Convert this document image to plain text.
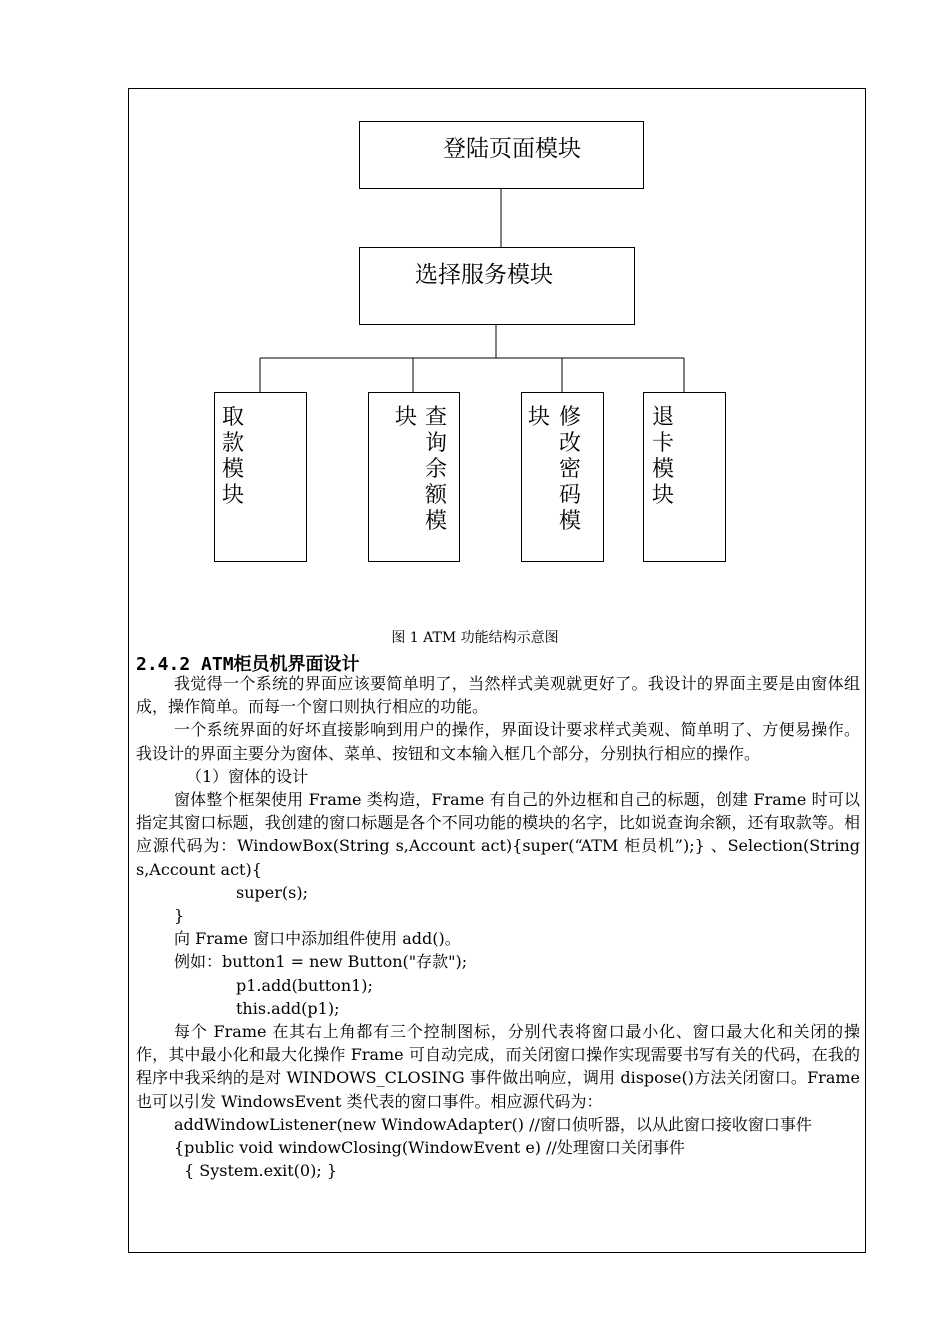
登陆页面模块
选择服务模块
取
款
模
块
块 查
询
余
额
模
块 修
改
密
码
模
退
卡
模
块
图 1 ATM 功能结构示意图
2.4.2 ATM柜员机界面设计

我觉得一个系统的界面应该要简单明了，当然样式美观就更好了。我设计的界面主要是由窗体组成，操作简单。而每一个窗口则执行相应的功能。

一个系统界面的好坏直接影响到用户的操作，界面设计要求样式美观、简单明了、方便易操作。我设计的界面主要分为窗体、菜单、按钮和文本输入框几个部分，分别执行相应的操作。

（1）窗体的设计

窗体整个框架使用 Frame 类构造，Frame 有自己的外边框和自己的标题，创建 Frame 时可以指定其窗口标题，我创建的窗口标题是各个不同功能的模块的名字，比如说查询余额，还有取款等。相应源代码为：WindowBox(String s,Account act){super(“ATM 柜员机”);} 、Selection(String s,Account act){

super(s);

}

向 Frame 窗口中添加组件使用 add()。

例如：button1 = new Button("存款");

p1.add(button1);

this.add(p1);

每个 Frame 在其右上角都有三个控制图标，分别代表将窗口最小化、窗口最大化和关闭的操作，其中最小化和最大化操作 Frame 可自动完成，而关闭窗口操作实现需要书写有关的代码，在我的程序中我采纳的是对 WINDOWS_CLOSING 事件做出响应，调用 dispose()方法关闭窗口。Frame 也可以引发 WindowsEvent 类代表的窗口事件。相应源代码为：

addWindowListener(new WindowAdapter() //窗口侦听器，以从此窗口接收窗口事件

{public void windowClosing(WindowEvent e) //处理窗口关闭事件

{ System.exit(0); }
